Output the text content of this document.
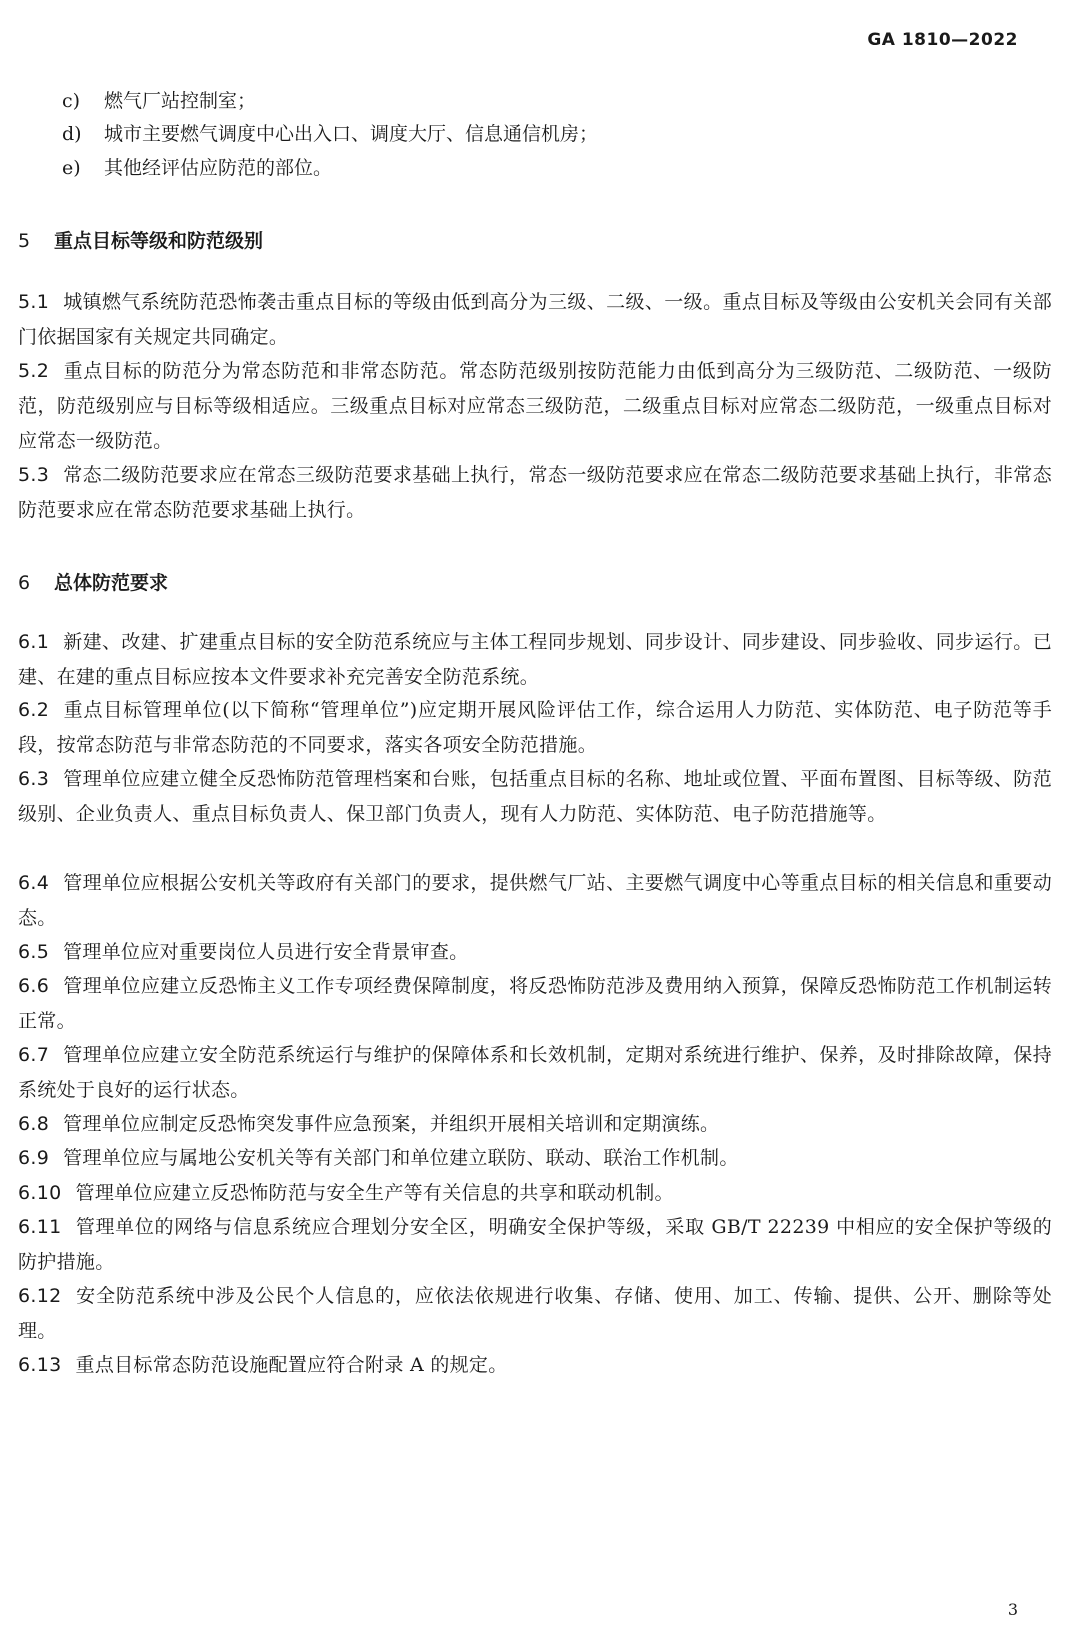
GA 1810—2022
c) 燃气厂站控制室；
d) 城市主要燃气调度中心出入口、调度大厅、信息通信机房；
e) 其他经评估应防范的部位。
5 重点目标等级和防范级别
5.1 城镇燃气系统防范恐怖袭击重点目标的等级由低到高分为三级、二级、一级。重点目标及等级由公安机关会同有关部门依据国家有关规定共同确定。
5.2 重点目标的防范分为常态防范和非常态防范。常态防范级别按防范能力由低到高分为三级防范、二级防范、一级防范，防范级别应与目标等级相适应。三级重点目标对应常态三级防范，二级重点目标对应常态二级防范，一级重点目标对应常态一级防范。
5.3 常态二级防范要求应在常态三级防范要求基础上执行，常态一级防范要求应在常态二级防范要求基础上执行，非常态防范要求应在常态防范要求基础上执行。
6 总体防范要求
6.1 新建、改建、扩建重点目标的安全防范系统应与主体工程同步规划、同步设计、同步建设、同步验收、同步运行。已建、在建的重点目标应按本文件要求补充完善安全防范系统。
6.2 重点目标管理单位(以下简称“管理单位”)应定期开展风险评估工作，综合运用人力防范、实体防范、电子防范等手段，按常态防范与非常态防范的不同要求，落实各项安全防范措施。
6.3 管理单位应建立健全反恐怖防范管理档案和台账，包括重点目标的名称、地址或位置、平面布置图、目标等级、防范级别、企业负责人、重点目标负责人、保卫部门负责人，现有人力防范、实体防范、电子防范措施等。
6.4 管理单位应根据公安机关等政府有关部门的要求，提供燃气厂站、主要燃气调度中心等重点目标的相关信息和重要动态。
6.5 管理单位应对重要岗位人员进行安全背景审查。
6.6 管理单位应建立反恐怖主义工作专项经费保障制度，将反恐怖防范涉及费用纳入预算，保障反恐怖防范工作机制运转正常。
6.7 管理单位应建立安全防范系统运行与维护的保障体系和长效机制，定期对系统进行维护、保养，及时排除故障，保持系统处于良好的运行状态。
6.8 管理单位应制定反恐怖突发事件应急预案，并组织开展相关培训和定期演练。
6.9 管理单位应与属地公安机关等有关部门和单位建立联防、联动、联治工作机制。
6.10 管理单位应建立反恐怖防范与安全生产等有关信息的共享和联动机制。
6.11 管理单位的网络与信息系统应合理划分安全区，明确安全保护等级，采取 GB/T 22239 中相应的安全保护等级的防护措施。
6.12 安全防范系统中涉及公民个人信息的，应依法依规进行收集、存储、使用、加工、传输、提供、公开、删除等处理。
6.13 重点目标常态防范设施配置应符合附录 A 的规定。
3
